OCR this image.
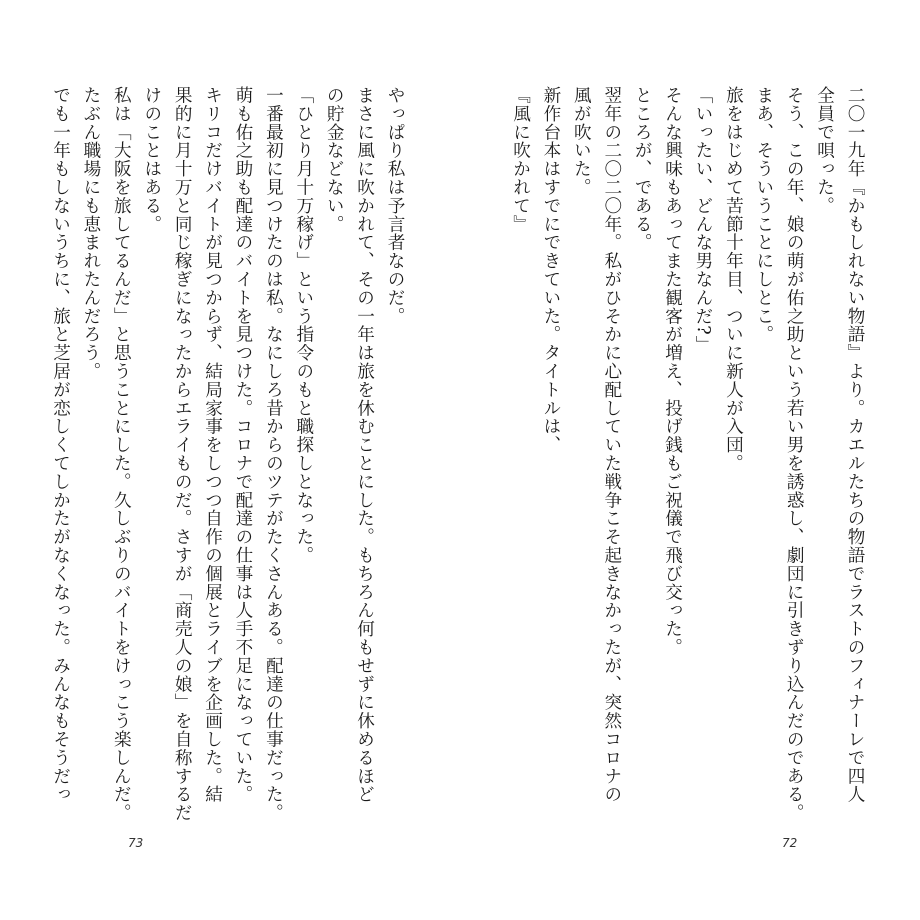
やっぱり私は予言者なのだ。
まさに風に吹かれて、その一年は旅を休むことにした。もちろん何もせずに休めるほど
の貯金などない。
「ひとり月十万稼げ」という指令のもと職探しとなった。
一番最初に見つけたのは私。なにしろ昔からのツテがたくさんある。配達の仕事だった。
萌も佑之助も配達のバイトを見つけた。コロナで配達の仕事は人手不足になっていた。
キリコだけバイトが見つからず、結局家事をしつつ自作の個展とライブを企画した。結
果的に月十万と同じ稼ぎになったからエライものだ。さすが「商売人の娘」を自称するだ
けのことはある。
私は「大阪を旅してるんだ」と思うことにした。久しぶりのバイトをけっこう楽しんだ。
たぶん職場にも恵まれたんだろう。
でも一年もしないうちに、旅と芝居が恋しくてしかたがなくなった。みんなもそうだっ
73
二〇一九年『かもしれない物語』より。カエルたちの物語でラストのフィナーレで四人
全員で唄った。
そう、この年、娘の萌が佑之助という若い男を誘惑し、劇団に引きずり込んだのである。
まあ、そういうことにしとこ。
旅をはじめて苦節十年目、ついに新人が入団。
「いったい、どんな男なんだ?」
そんな興味もあってまた観客が増え、投げ銭もご祝儀で飛び交った。
ところが、である。
翌年の二〇二〇年。私がひそかに心配していた戦争こそ起きなかったが、突然コロナの
風が吹いた。
新作台本はすでにできていた。タイトルは、
『風に吹かれて』
72
